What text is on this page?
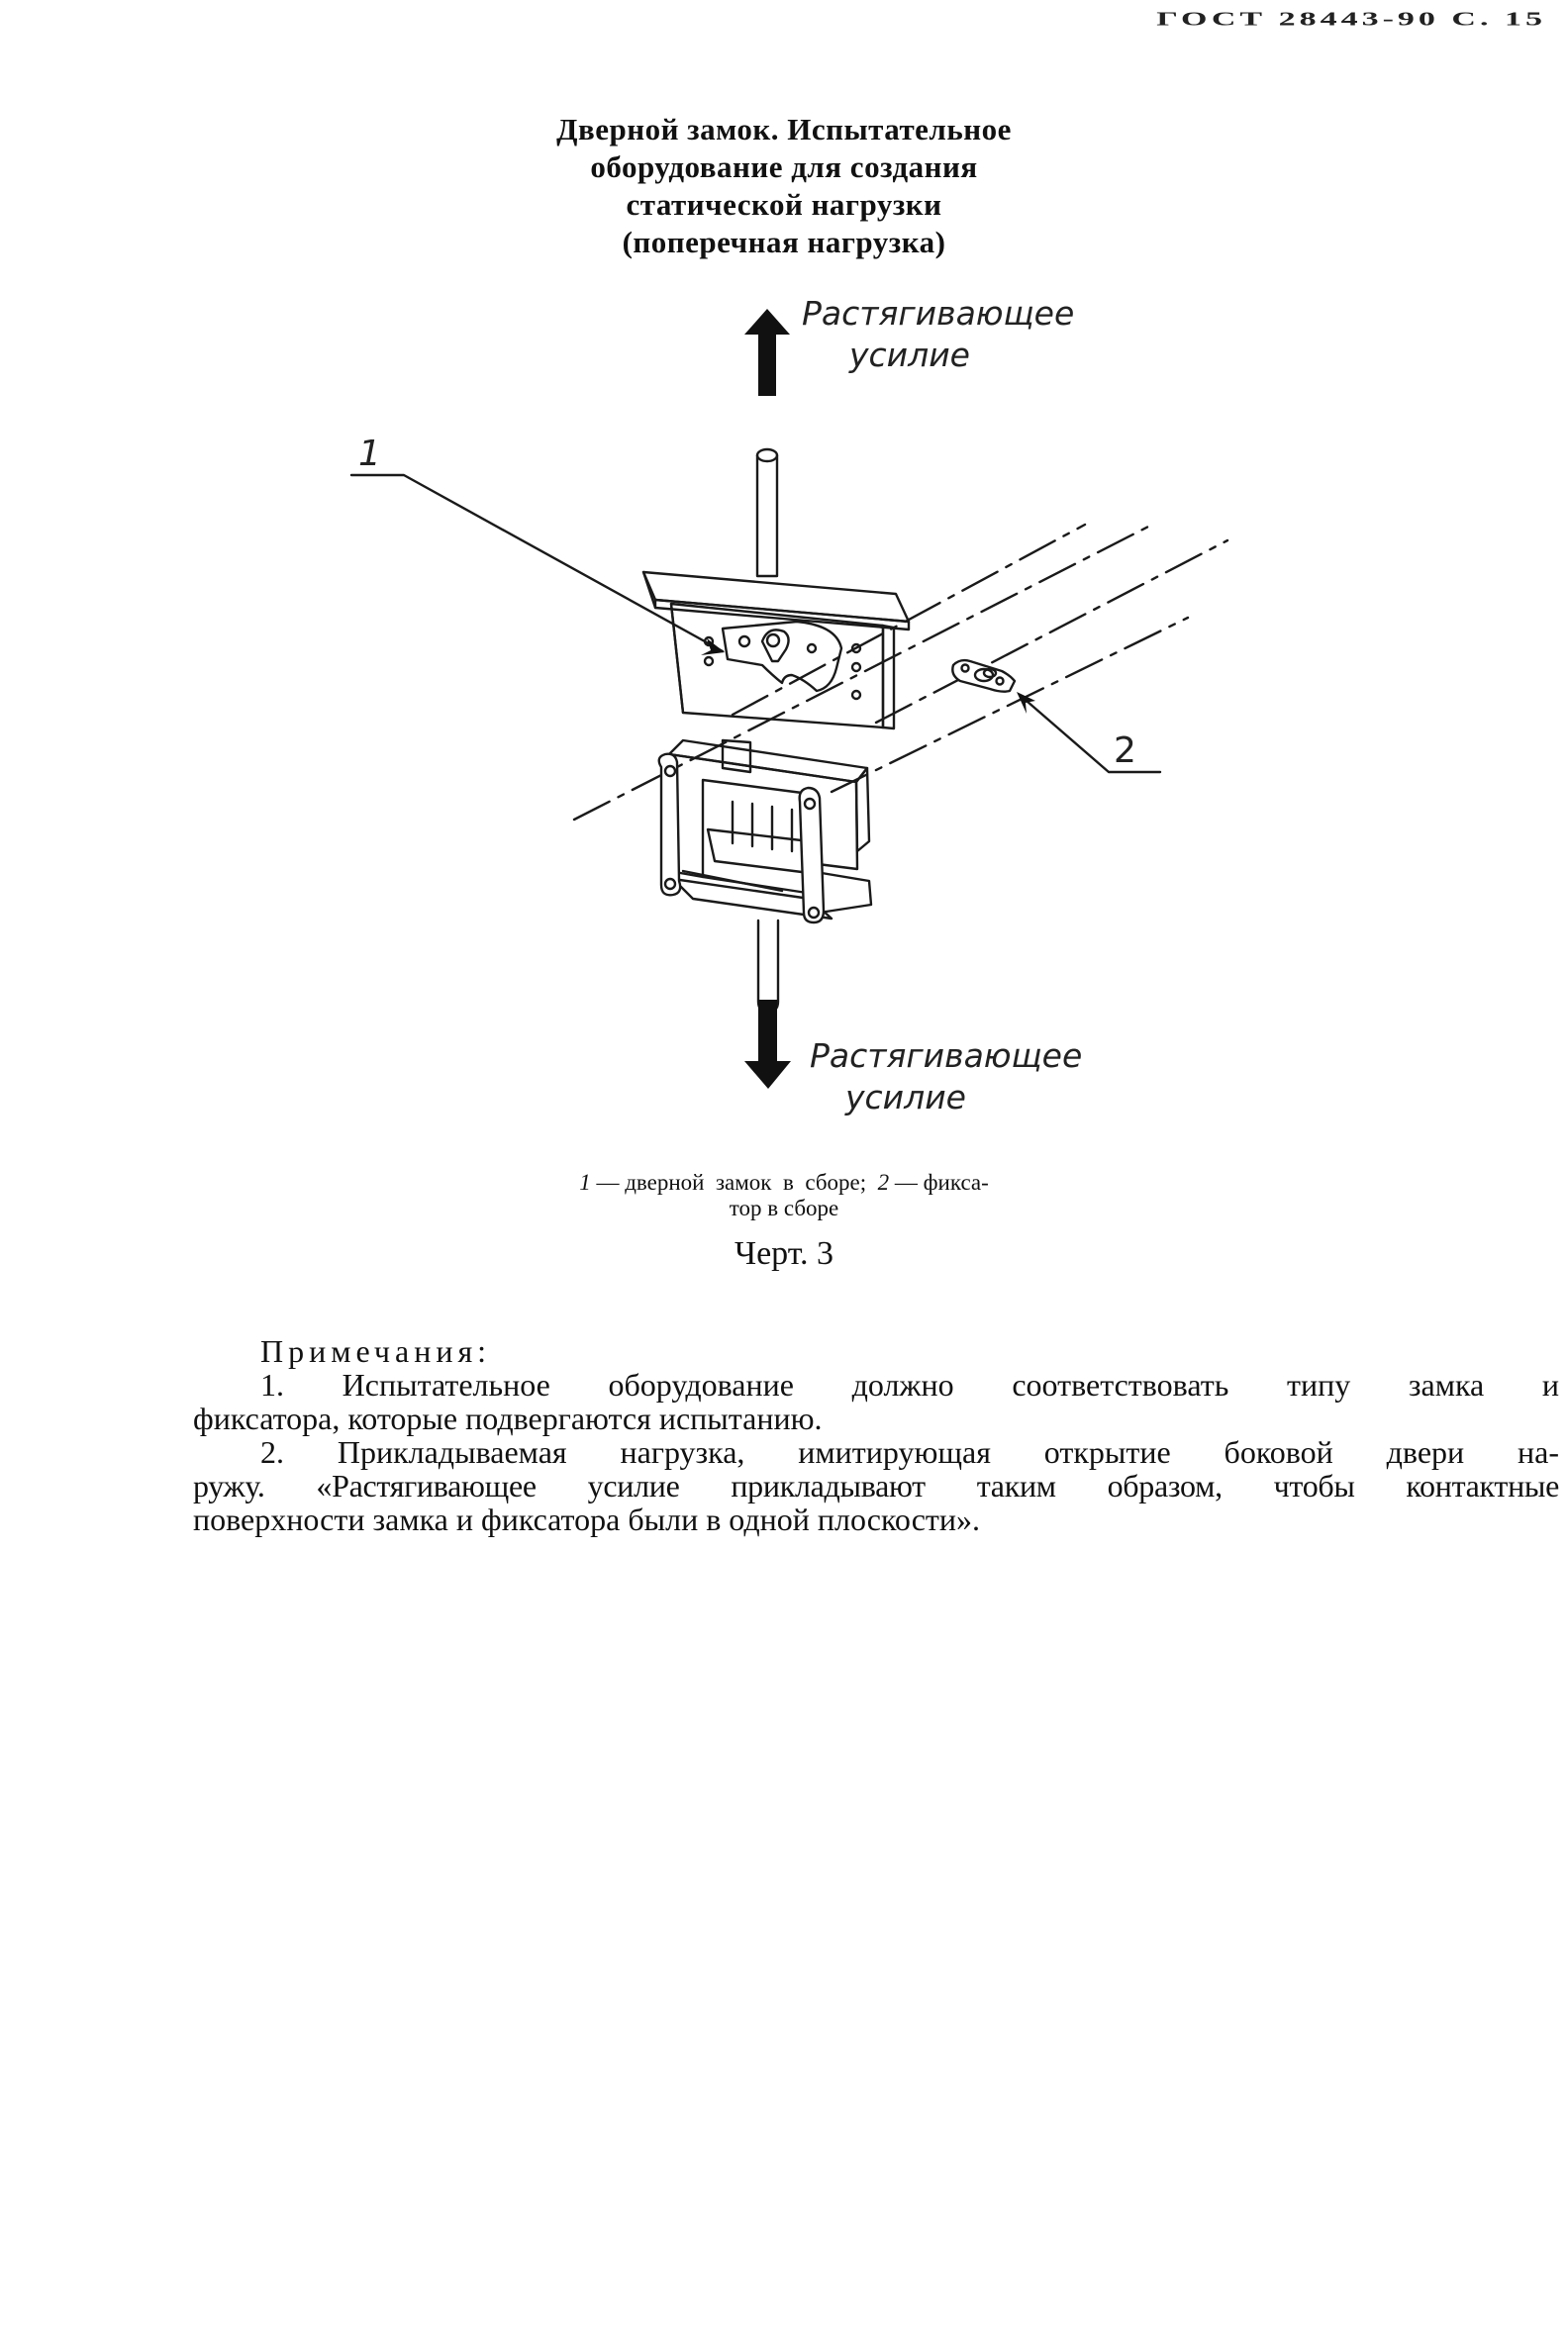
ГОСТ 28443-90 С. 15
Дверной замок. Испытательное
оборудование для создания
статической нагрузки
(поперечная нагрузка)
Растягивающее
усилие
1
2
Растягивающее
усилие
1 — дверной  замок  в  сборе;  2 — фикса-
тор в сборе
Черт. 3
Примечания:

1. Испытательное оборудование должно соответствовать типу замка и

фиксатора, которые подвергаются испытанию.

2. Прикладываемая нагрузка, имитирующая открытие боковой двери на-

ружу. «Растягивающее усилие прикладывают таким образом, чтобы контактные

поверхности замка и фиксатора были в одной плоскости».
